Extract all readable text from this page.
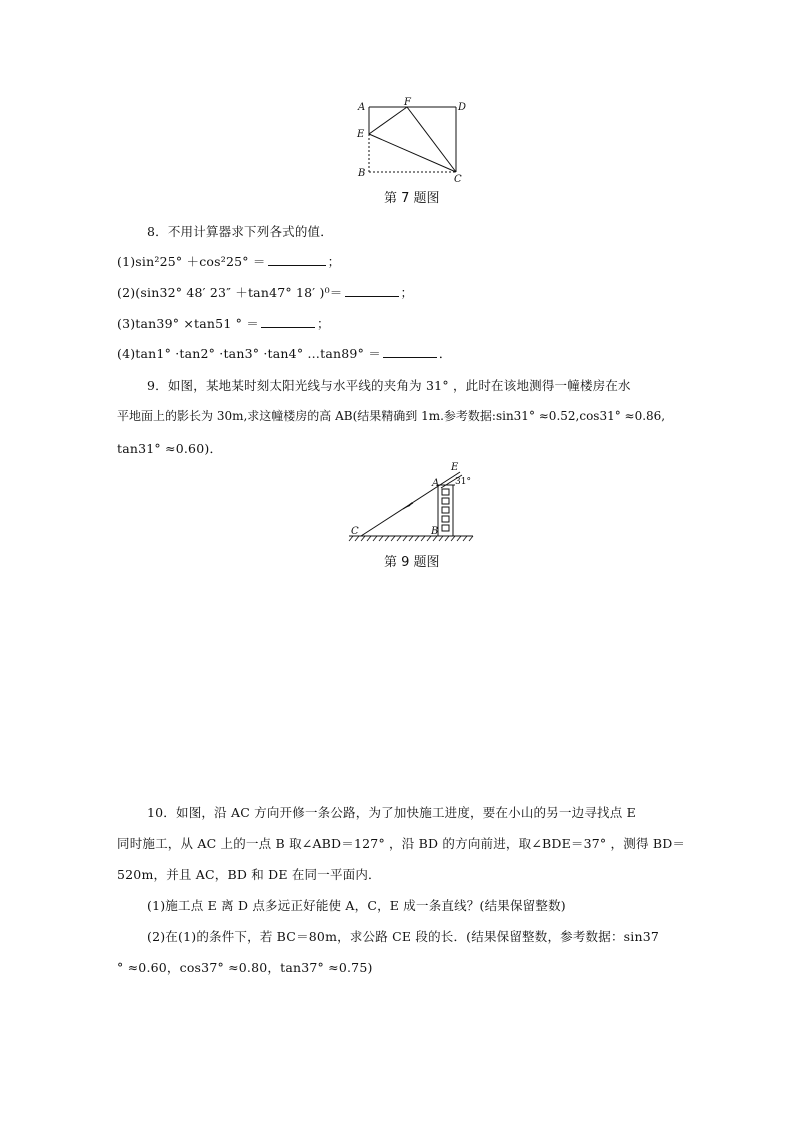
A	F	D
E
B
C
第 7 题图
8．不用计算器求下列各式的值．
(1)sin²25° ＋cos²25° ＝	；
(2)(sin32° 48′ 23″ ＋tan47° 18′ )⁰＝	；
(3)tan39° ×tan51 ° ＝	；
(4)tan1° ·tan2° ·tan3° ·tan4° …tan89° ＝	．
9．如图，某地某时刻太阳光线与水平线的夹角为 31° ，此时在该地测得一幢楼房在水
平地面上的影长为 30m,求这幢楼房的高 AB(结果精确到 1m.参考数据:sin31° ≈0.52,cos31° ≈0.86,
tan31° ≈0.60)．
E
A 31°
C	B
第 9 题图
10．如图，沿 AC 方向开修一条公路，为了加快施工进度，要在小山的另一边寻找点 E
同时施工，从 AC 上的一点 B 取∠ABD＝127° ，沿 BD 的方向前进，取∠BDE＝37° ，测得 BD＝
520m，并且 AC，BD 和 DE 在同一平面内．
(1)施工点 E 离 D 点多远正好能使 A，C，E 成一条直线？(结果保留整数)
(2)在(1)的条件下，若 BC＝80m，求公路 CE 段的长．(结果保留整数，参考数据：sin37
° ≈0.60，cos37° ≈0.80，tan37° ≈0.75)
